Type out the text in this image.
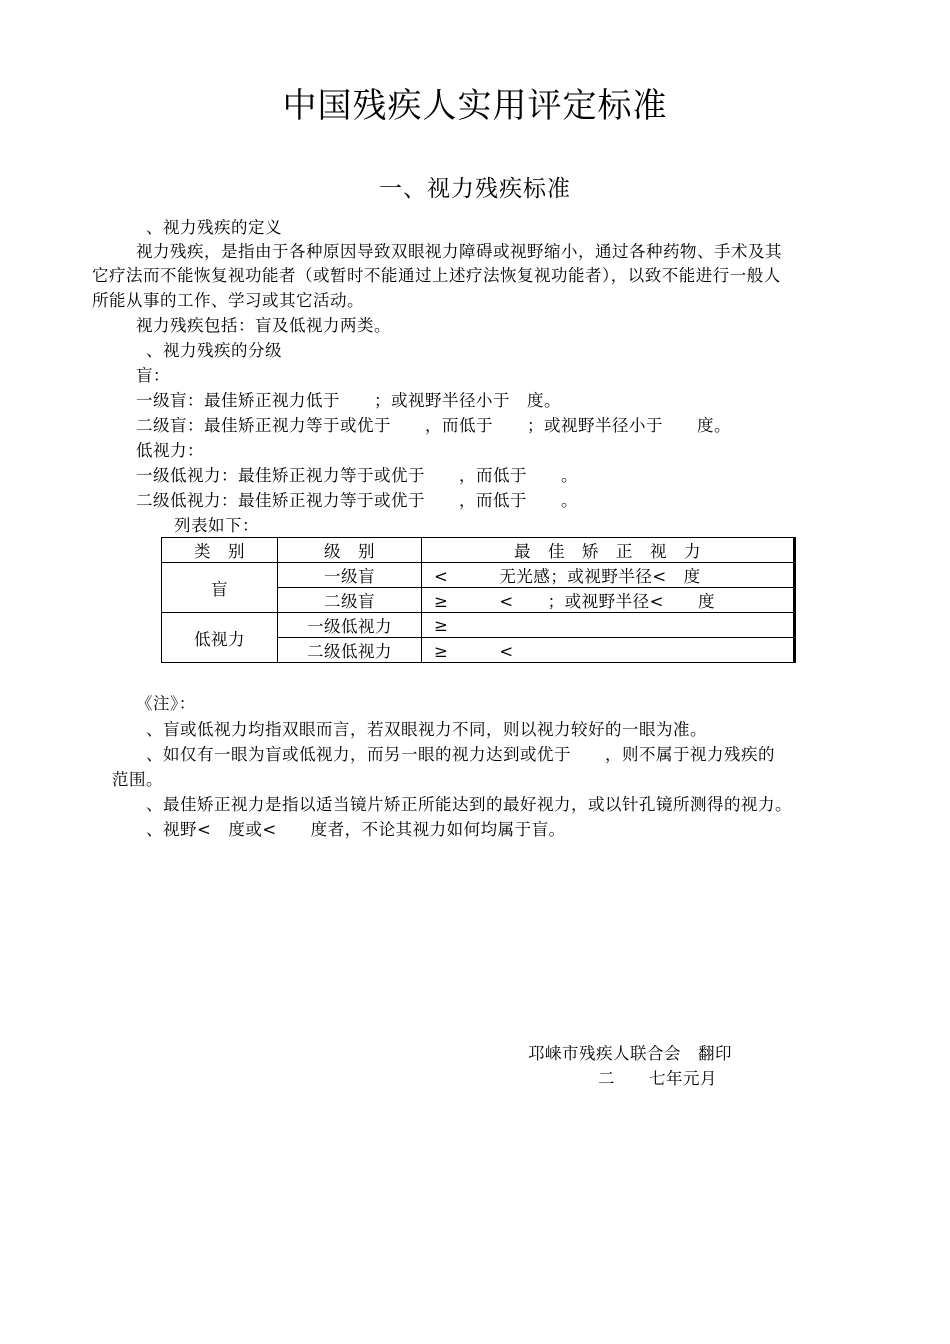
中国残疾人实用评定标准
一、视力残疾标准
、视力残疾的定义
视力残疾，是指由于各种原因导致双眼视力障碍或视野缩小，通过各种药物、手术及其
它疗法而不能恢复视功能者（或暂时不能通过上述疗法恢复视功能者），以致不能进行一般人
所能从事的工作、学习或其它活动。
视力残疾包括：盲及低视力两类。
、视力残疾的分级
盲：
一级盲：最佳矫正视力低于　　；或视野半径小于　度。
二级盲：最佳矫正视力等于或优于　　，而低于　　；或视野半径小于　　度。
低视力：
一级低视力：最佳矫正视力等于或优于　　，而低于　　。
二级低视力：最佳矫正视力等于或优于　　，而低于　　。
列表如下：
类　别	级　别	最　佳　矫　正　视　力
盲	一级盲	<　　　无光感；或视野半径<　度
	二级盲	≥　　　<　　；或视野半径<　　度
低视力	一级低视力	≥
	二级低视力	≥　　　<
《注》：
、盲或低视力均指双眼而言，若双眼视力不同，则以视力较好的一眼为准。
、如仅有一眼为盲或低视力，而另一眼的视力达到或优于　　，则不属于视力残疾的
范围。
、最佳矫正视力是指以适当镜片矫正所能达到的最好视力，或以针孔镜所测得的视力。
、视野<　度或<　　度者，不论其视力如何均属于盲。
邛崃市残疾人联合会　翻印
二　　七年元月
